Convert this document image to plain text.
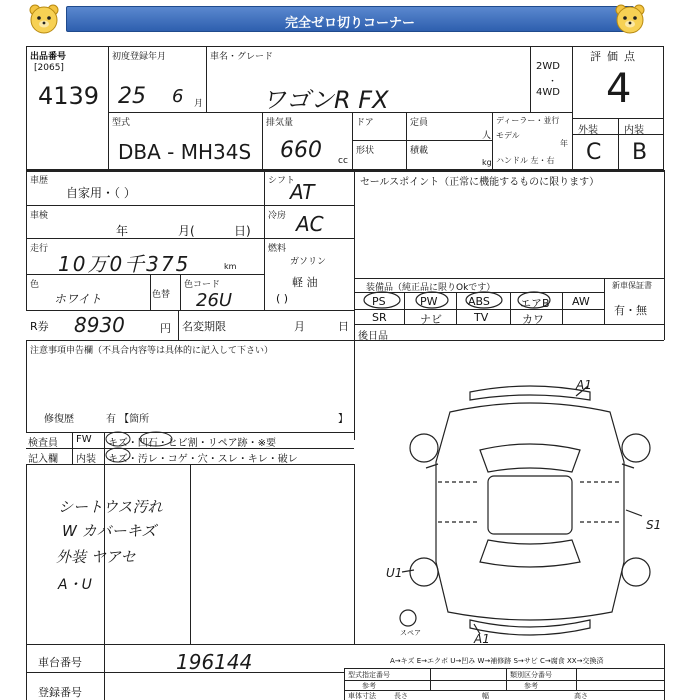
完全ゼロ切りコーナー
出品番号
[2065]
4139
初度登録年月
25 6 月
車名・グレード
ワゴンR FX
2WD
・
4WD
評価点
4
型式
DBA - MH34S
排気量
660 cc
ドア	定員
人
形状	積載
kg
ディーラー・並行
モデル
年
ハンドル 左・右
外装	内装
C B
車歴
自家用・（ ）
シフト
AT	セールスポイント（正常に機能するものに限ります）
車検
年	月(	日)
冷房 AC
走行
10万0千375	km
燃料
ガソリン
軽 油
( )
色
ホワイト	色替
色コード
26U
装備品（純正品に限りOkです）
PS	PW	ABS	エアB AW
SR	ナビ	TV	カワ
新車保証書
有・無
R券 8930	円 名変期限	月	日
後日品
注意事項申告欄（不具合内容等は具体的に記入して下さい）
修復歴	有 【箇所	】
検査員 FW キズ・凹石・ヒビ割・リペア跡・※要
記入欄 内装 キズ・汚レ・コゲ・穴・スレ・キレ・破レ
シートウス汚れ
W カバーキズ
外装 ヤアセ
A・U
A1
S1
U1
A1
スペア
車台番号	196144
登録番号
A→キズ E→エクボ U→凹み W→補修跡 S→サビ C→腐食 XX→交換済
型式指定番号
参考
類別区分番号
参考
車体寸法	長さ	幅	高さ
